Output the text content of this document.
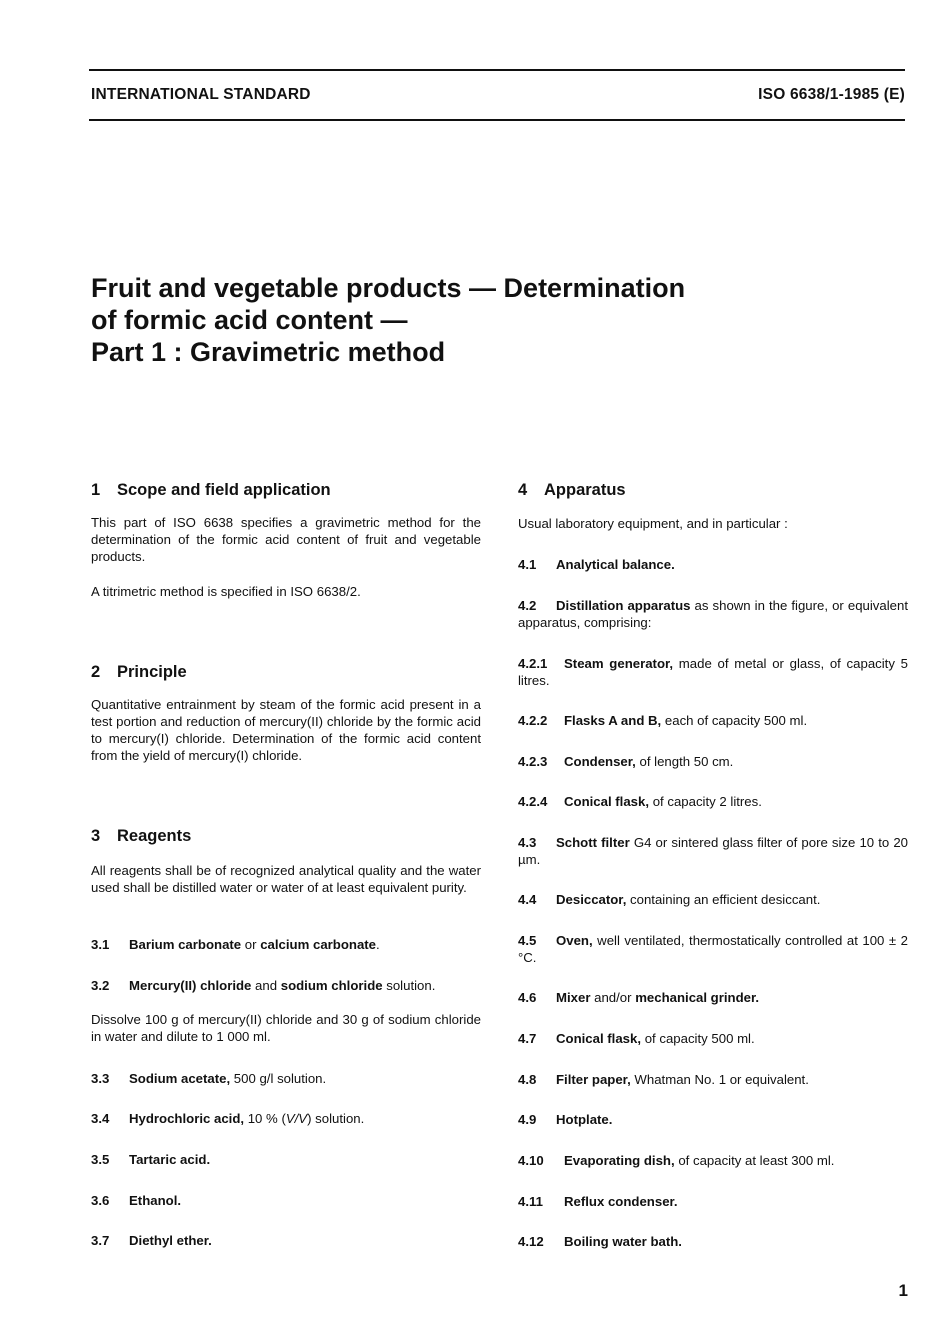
INTERNATIONAL STANDARD	ISO 6638/1-1985 (E)
Fruit and vegetable products — Determination
of formic acid content —
Part 1 : Gravimetric method

1 Scope and field application

This part of ISO 6638 specifies a gravimetric method for the determination of the formic acid content of fruit and vegetable products.

A titrimetric method is specified in ISO 6638/2.

2 Principle

Quantitative entrainment by steam of the formic acid present in a test portion and reduction of mercury(II) chloride by the formic acid to mercury(I) chloride. Determination of the formic acid content from the yield of mercury(I) chloride.

3 Reagents

All reagents shall be of recognized analytical quality and the water used shall be distilled water or water of at least equivalent purity.

3.1 Barium carbonate or calcium carbonate.

3.2 Mercury(II) chloride and sodium chloride solution.

Dissolve 100 g of mercury(II) chloride and 30 g of sodium chloride in water and dilute to 1 000 ml.

3.3 Sodium acetate, 500 g/l solution.

3.4 Hydrochloric acid, 10 % (V/V) solution.

3.5 Tartaric acid.

3.6 Ethanol.

3.7 Diethyl ether.

4 Apparatus

Usual laboratory equipment, and in particular :

4.1 Analytical balance.

4.2 Distillation apparatus as shown in the figure, or equivalent apparatus, comprising:

4.2.1 Steam generator, made of metal or glass, of capacity 5 litres.

4.2.2 Flasks A and B, each of capacity 500 ml.

4.2.3 Condenser, of length 50 cm.

4.2.4 Conical flask, of capacity 2 litres.

4.3 Schott filter G4 or sintered glass filter of pore size 10 to 20 µm.

4.4 Desiccator, containing an efficient desiccant.

4.5 Oven, well ventilated, thermostatically controlled at 100 ± 2 °C.

4.6 Mixer and/or mechanical grinder.

4.7 Conical flask, of capacity 500 ml.

4.8 Filter paper, Whatman No. 1 or equivalent.

4.9 Hotplate.

4.10 Evaporating dish, of capacity at least 300 ml.

4.11 Reflux condenser.

4.12 Boiling water bath.

1
